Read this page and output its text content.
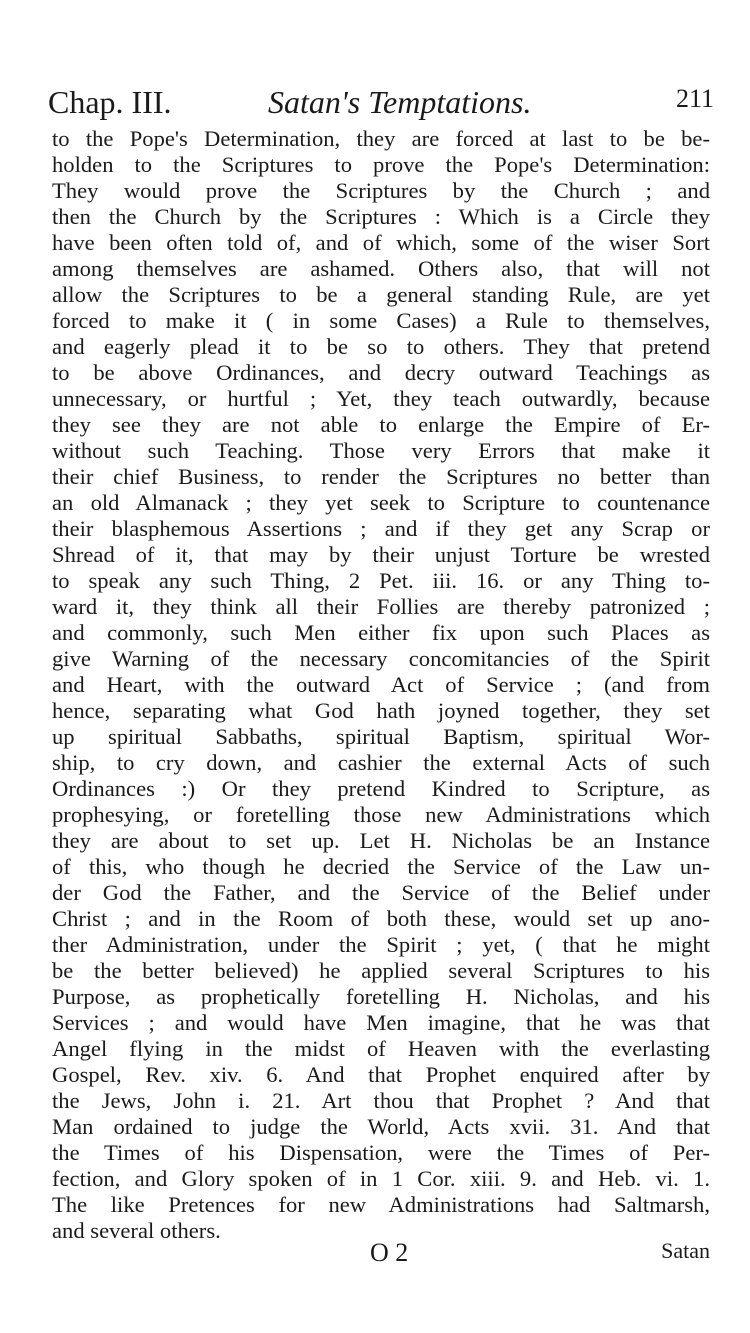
Chap. III.	Satan's Temptations.	211
to the Pope's Determination, they are forced at last to be be-
holden to the Scriptures to prove the Pope's Determination:
They would prove the Scriptures by the Church ; and
then the Church by the Scriptures : Which is a Circle they
have been often told of, and of which, some of the wiser Sort
among themselves are ashamed. Others also, that will not
allow the Scriptures to be a general standing Rule, are yet
forced to make it ( in some Cases) a Rule to themselves,
and eagerly plead it to be so to others. They that pretend
to be above Ordinances, and decry outward Teachings as
unnecessary, or hurtful ; Yet, they teach outwardly, because
they see they are not able to enlarge the Empire of Er-
without such Teaching. Those very Errors that make it
their chief Business, to render the Scriptures no better than
an old Almanack ; they yet seek to Scripture to countenance
their blasphemous Assertions ; and if they get any Scrap or
Shread of it, that may by their unjust Torture be wrested
to speak any such Thing, 2 Pet. iii. 16. or any Thing to-
ward it, they think all their Follies are thereby patronized ;
and commonly, such Men either fix upon such Places as
give Warning of the necessary concomitancies of the Spirit
and Heart, with the outward Act of Service ; (and from
hence, separating what God hath joyned together, they set
up spiritual Sabbaths, spiritual Baptism, spiritual Wor-
ship, to cry down, and cashier the external Acts of such
Ordinances :) Or they pretend Kindred to Scripture, as
prophesying, or foretelling those new Administrations which
they are about to set up. Let H. Nicholas be an Instance
of this, who though he decried the Service of the Law un-
der God the Father, and the Service of the Belief under
Christ ; and in the Room of both these, would set up ano-
ther Administration, under the Spirit ; yet, ( that he might
be the better believed) he applied several Scriptures to his
Purpose, as prophetically foretelling H. Nicholas, and his
Services ; and would have Men imagine, that he was that
Angel flying in the midst of Heaven with the everlasting
Gospel, Rev. xiv. 6. And that Prophet enquired after by
the Jews, John i. 21. Art thou that Prophet ? And that
Man ordained to judge the World, Acts xvii. 31. And that
the Times of his Dispensation, were the Times of Per-
fection, and Glory spoken of in 1 Cor. xiii. 9. and Heb. vi. 1.
The like Pretences for new Administrations had Saltmarsh,
and several others.
O 2	Satan
